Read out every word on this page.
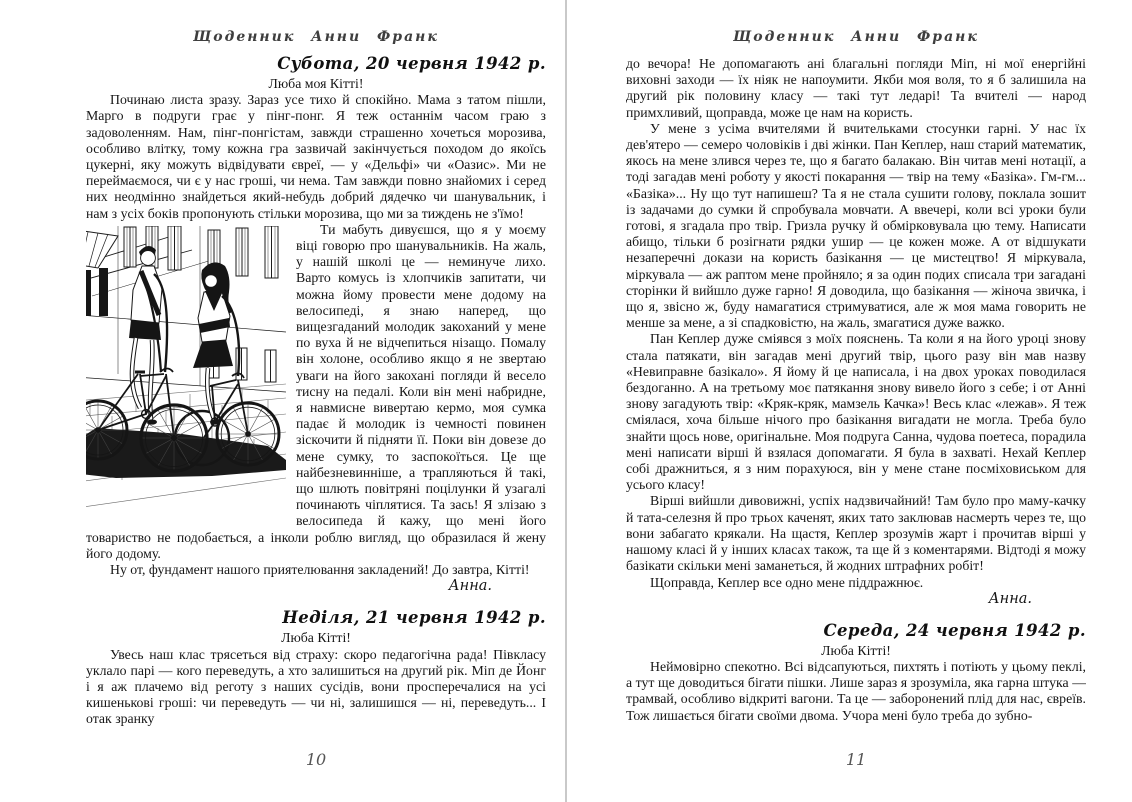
Щоденник Анни Франк
Субота, 20 червня 1942 р.

Люба моя Кітті!

Починаю листа зразу. Зараз усе тихо й спокійно. Мама з татом пішли, Марго в подруги грає у пінг-понг. Я теж останнім часом граю з задоволенням. Нам, пінг-понгістам, завжди страшенно хочеться морозива, особливо влітку, тому кожна гра зазвичай закінчується походом до якоїсь цукерні, яку можуть відвідувати євреї, — у «Дельфі» чи «Оазис». Ми не переймаємося, чи є у нас гроші, чи нема. Там завжди повно знайомих і серед них неодмінно знайдеться який-небудь добрий дядечко чи шанувальник, і нам з усіх боків пропонують стільки морозива, що ми за тиждень не з'їмо!

Ти мабуть дивуєшся, що я у моєму віці говорю про шанувальників. На жаль, у нашій школі це — неминуче лихо. Варто комусь із хлопчиків запитати, чи можна йому провести мене додому на велосипеді, я знаю наперед, що вищезгаданий молодик закоханий у мене по вуха й не відчепиться нізащо. Помалу він холоне, особливо якщо я не звертаю уваги на його закохані погляди й весело тисну на педалі. Коли він мені набридне, я навмисне вивертаю кермо, моя сумка падає й молодик із чемності повинен зіскочити й підняти її. Поки він довезе до мене сумку, то заспокоїться. Це ще найбезневинніше, а трапляються й такі, що шлють повітряні поцілунки й узагалі починають чіплятися. Та зась! Я злізаю з велосипеда й кажу, що мені його товариство не подобається, а інколи роблю вигляд, що образилася й жену його додому.

Ну от, фундамент нашого приятелювання закладений! До завтра, Кітті!

Анна.

Неділя, 21 червня 1942 р.

Люба Кітті!

Увесь наш клас трясеться від страху: скоро педагогічна рада! Півкласу уклало парі — кого переведуть, а хто залишиться на другий рік. Міп де Йонг і я аж плачемо від реготу з наших сусідів, вони просперечалися на усі кишенькові гроші: чи переведуть — чи ні, залишишся — ні, переведуть... І отак зранку

10
Щоденник Анни Франк

до вечора! Не допомагають ані благальні погляди Міп, ні мої енергійні виховні заходи — їх ніяк не напоумити. Якби моя воля, то я б залишила на другий рік половину класу — такі тут ледарі! Та вчителі — народ примхливий, щоправда, може це нам на користь.

У мене з усіма вчителями й вчительками стосунки гарні. У нас їх дев'ятеро — семеро чоловіків і дві жінки. Пан Кеплер, наш старий математик, якось на мене злився через те, що я багато балакаю. Він читав мені нотації, а тоді загадав мені роботу у якості покарання — твір на тему «Базіка». Гм-гм... «Базіка»... Ну що тут напишеш? Та я не стала сушити голову, поклала зошит із задачами до сумки й спробувала мовчати. А ввечері, коли всі уроки були готові, я згадала про твір. Гризла ручку й обмірковувала цю тему. Написати абищо, тільки б розігнати рядки ушир — це кожен може. А от відшукати незаперечні докази на користь базікання — це мистецтво! Я міркувала, міркувала — аж раптом мене пройняло; я за один подих списала три загадані сторінки й вийшло дуже гарно! Я доводила, що базікання — жіноча звичка, і що я, звісно ж, буду намагатися стримуватися, але ж моя мама говорить не менше за мене, а зі спадковістю, на жаль, змагатися дуже важко.

Пан Кеплер дуже сміявся з моїх пояснень. Та коли я на його уроці знову стала патякати, він загадав мені другий твір, цього разу він мав назву «Невиправне базікало». Я йому й це написала, і на двох уроках поводилася бездоганно. А на третьому моє патякання знову вивело його з себе; і от Анні знову загадують твір: «Кряк-кряк, мамзель Качка»! Весь клас «лежав». Я теж сміялася, хоча більше нічого про базікання вигадати не могла. Треба було знайти щось нове, оригінальне. Моя подруга Санна, чудова поетеса, порадила мені написати вірші й взялася допомагати. Я була в захваті. Нехай Кеплер собі дражниться, я з ним порахуюся, він у мене стане посміховиськом для усього класу!

Вірші вийшли дивовижні, успіх надзвичайний! Там було про маму-качку й тата-селезня й про трьох каченят, яких тато заклював насмерть через те, що вони забагато крякали. На щастя, Кеплер зрозумів жарт і прочитав вірші у нашому класі й у інших класах також, та ще й з коментарями. Відтоді я можу базікати скільки мені заманеться, й жодних штрафних робіт!

Щоправда, Кеплер все одно мене піддражнює.

Анна.

Середа, 24 червня 1942 р.

Люба Кітті!

Неймовірно спекотно. Всі відсапуються, пихтять і потіють у цьому пеклі, а тут ще доводиться бігати пішки. Лише зараз я зрозуміла, яка гарна штука — трамвай, особливо відкриті вагони. Та це — заборонений плід для нас, євреїв. Тож лишається бігати своїми двома. Учора мені було треба до зубно-

11
